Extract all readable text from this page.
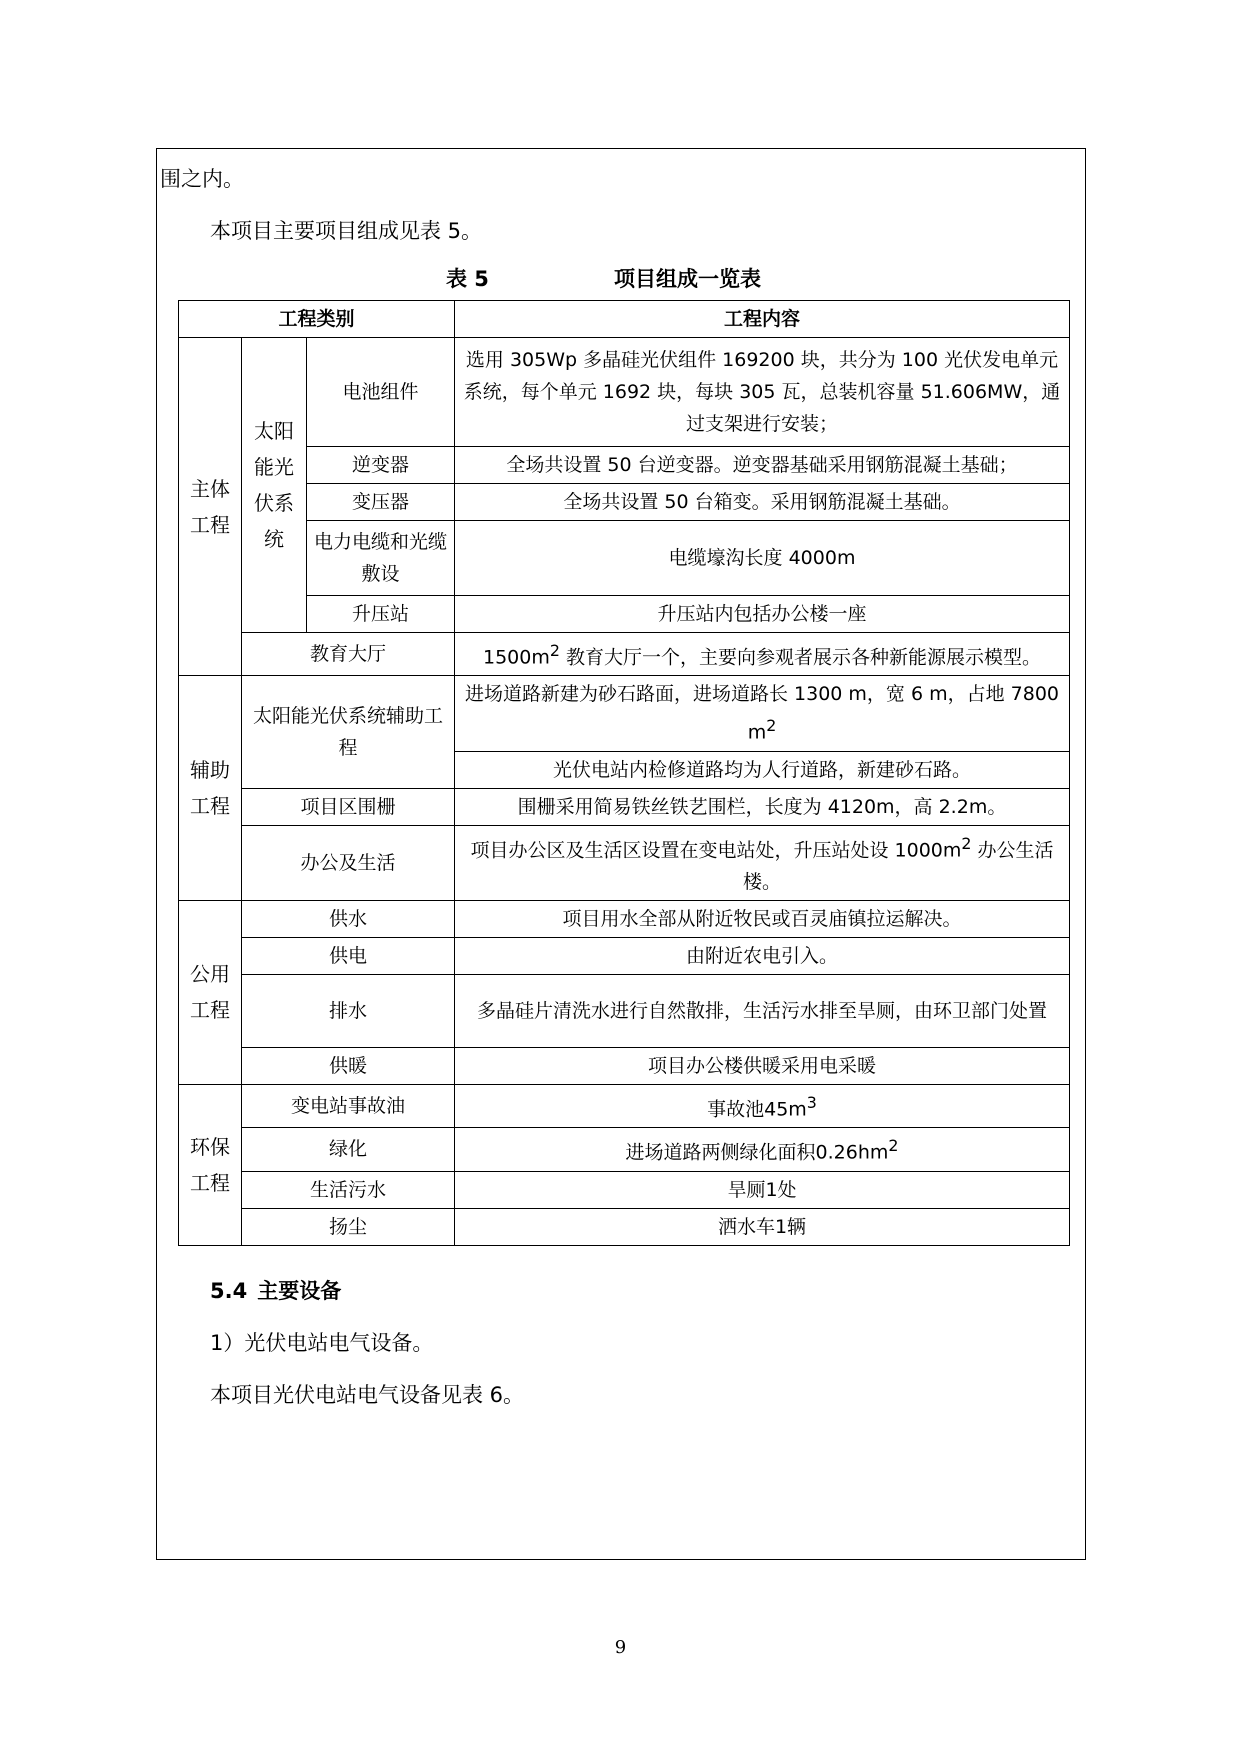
围之内。
本项目主要项目组成见表 5。
表 5	项目组成一览表
工程类别			工程内容
主体工程	太阳能光伏系统	电池组件	选用 305Wp 多晶硅光伏组件 169200 块，共分为 100 光伏发电单元系统，每个单元 1692 块，每块 305 瓦，总装机容量 51.606MW，通过支架进行安装；
		逆变器	全场共设置 50 台逆变器。逆变器基础采用钢筋混凝土基础；
		变压器	全场共设置 50 台箱变。采用钢筋混凝土基础。
		电力电缆和光缆敷设	电缆壕沟长度 4000m
		升压站	升压站内包括办公楼一座
	教育大厅		$1500m^2$ 教育大厅一个，主要向参观者展示各种新能源展示模型。
辅助工程	太阳能光伏系统辅助工程		进场道路新建为砂石路面，进场道路长 1300 m，宽 6 m，占地 7800 $m^2$
			光伏电站内检修道路均为人行道路，新建砂石路。
	项目区围栅		围栅采用简易铁丝铁艺围栏，长度为 4120m，高 2.2m。
	办公及生活		项目办公区及生活区设置在变电站处，升压站处设 $1000m^2$ 办公生活楼。
公用工程	供水		项目用水全部从附近牧民或百灵庙镇拉运解决。
	供电		由附近农电引入。
	排水		多晶硅片清洗水进行自然散排，生活污水排至旱厕，由环卫部门处置
	供暖		项目办公楼供暖采用电采暖
环保工程	变电站事故油		事故池$45m^3$
	绿化		进场道路两侧绿化面积$0.26hm^2$
	生活污水		旱厕1处
	扬尘		洒水车1辆
5.4 主要设备
1）光伏电站电气设备。
本项目光伏电站电气设备见表 6。
9
